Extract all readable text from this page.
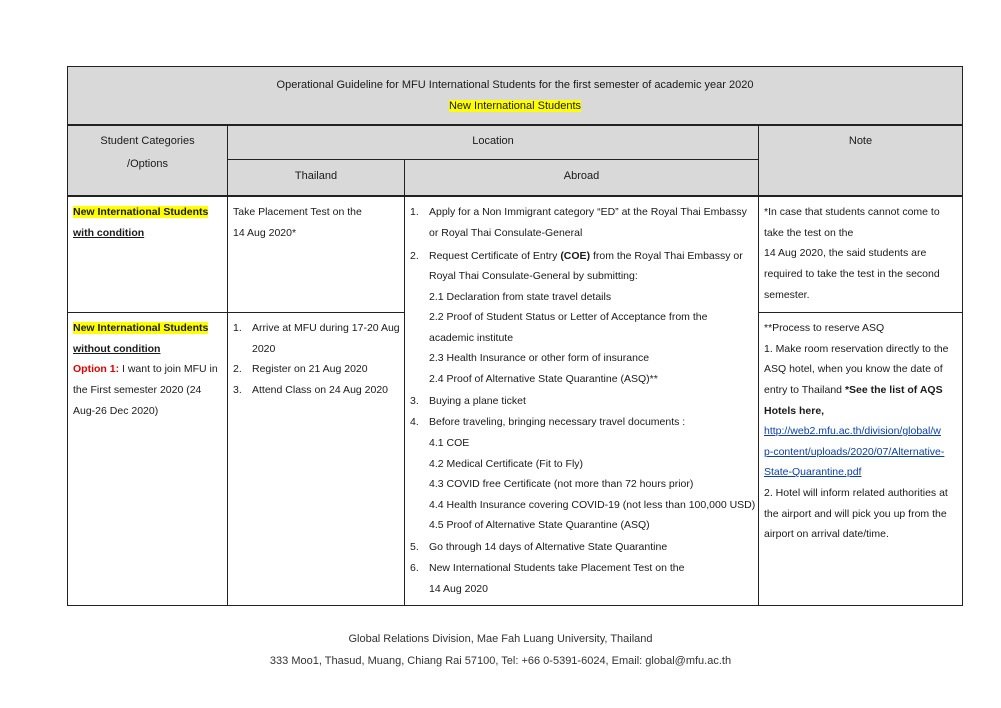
Operational Guideline for MFU International Students for the first semester of academic year 2020
New International Students
Student Categories
/Options
Location	Note
Thailand	Abroad
New International Students
with condition
Take Placement Test on the
14 Aug 2020*
*In case that students cannot come to
take the test on the
14 Aug 2020, the said students are
required to take the test in the second
semester.
New International Students
without condition
Option 1: I want to join MFU in
the First semester 2020 (24
Aug-26 Dec 2020)
1. Arrive at MFU during 17-20 Aug
2020
2. Register on 21 Aug 2020
3. Attend Class on 24 Aug 2020
1. Apply for a Non Immigrant category “ED” at the Royal Thai Embassy
or Royal Thai Consulate-General
2. Request Certificate of Entry (COE) from the Royal Thai Embassy or
Royal Thai Consulate-General by submitting:
2.1 Declaration from state travel details
2.2 Proof of Student Status or Letter of Acceptance from the
academic institute
2.3 Health Insurance or other form of insurance
2.4 Proof of Alternative State Quarantine (ASQ)**
3. Buying a plane ticket
4. Before traveling, bringing necessary travel documents :
4.1 COE
4.2 Medical Certificate (Fit to Fly)
4.3 COVID free Certificate (not more than 72 hours prior)
4.4 Health Insurance covering COVID-19 (not less than 100,000 USD)
4.5 Proof of Alternative State Quarantine (ASQ)
5. Go through 14 days of Alternative State Quarantine
6. New International Students take Placement Test on the
14 Aug 2020
**Process to reserve ASQ
1. Make room reservation directly to the
ASQ hotel, when you know the date of
entry to Thailand *See the list of AQS
Hotels here,
http://web2.mfu.ac.th/division/global/w
p-content/uploads/2020/07/Alternative-
State-Quarantine.pdf
2. Hotel will inform related authorities at
the airport and will pick you up from the
airport on arrival date/time.
Global Relations Division, Mae Fah Luang University, Thailand
333 Moo1, Thasud, Muang, Chiang Rai 57100, Tel: +66 0-5391-6024, Email: global@mfu.ac.th
